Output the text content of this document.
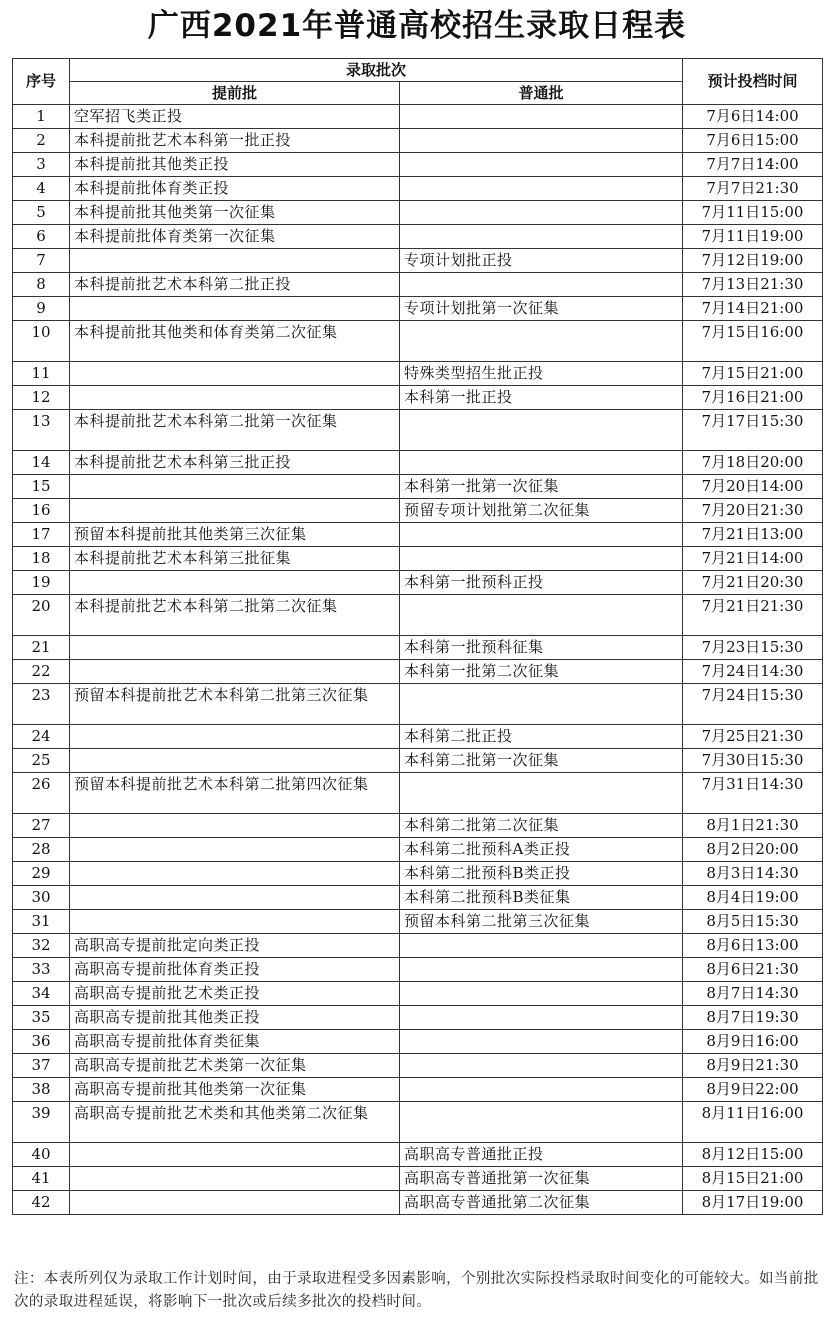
广西2021年普通高校招生录取日程表
序号	录取批次		预计投档时间
	提前批	普通批	
1	空军招飞类正投		7月6日14:00
2	本科提前批艺术本科第一批正投		7月6日15:00
3	本科提前批其他类正投		7月7日14:00
4	本科提前批体育类正投		7月7日21:30
5	本科提前批其他类第一次征集		7月11日15:00
6	本科提前批体育类第一次征集		7月11日19:00
7		专项计划批正投	7月12日19:00
8	本科提前批艺术本科第二批正投		7月13日21:30
9		专项计划批第一次征集	7月14日21:00
10	本科提前批其他类和体育类第二次征集		7月15日16:00
11		特殊类型招生批正投	7月15日21:00
12		本科第一批正投	7月16日21:00
13	本科提前批艺术本科第二批第一次征集		7月17日15:30
14	本科提前批艺术本科第三批正投		7月18日20:00
15		本科第一批第一次征集	7月20日14:00
16		预留专项计划批第二次征集	7月20日21:30
17	预留本科提前批其他类第三次征集		7月21日13:00
18	本科提前批艺术本科第三批征集		7月21日14:00
19		本科第一批预科正投	7月21日20:30
20	本科提前批艺术本科第二批第二次征集		7月21日21:30
21		本科第一批预科征集	7月23日15:30
22		本科第一批第二次征集	7月24日14:30
23	预留本科提前批艺术本科第二批第三次征集		7月24日15:30
24		本科第二批正投	7月25日21:30
25		本科第二批第一次征集	7月30日15:30
26	预留本科提前批艺术本科第二批第四次征集		7月31日14:30
27		本科第二批第二次征集	8月1日21:30
28		本科第二批预科A类正投	8月2日20:00
29		本科第二批预科B类正投	8月3日14:30
30		本科第二批预科B类征集	8月4日19:00
31		预留本科第二批第三次征集	8月5日15:30
32	高职高专提前批定向类正投		8月6日13:00
33	高职高专提前批体育类正投		8月6日21:30
34	高职高专提前批艺术类正投		8月7日14:30
35	高职高专提前批其他类正投		8月7日19:30
36	高职高专提前批体育类征集		8月9日16:00
37	高职高专提前批艺术类第一次征集		8月9日21:30
38	高职高专提前批其他类第一次征集		8月9日22:00
39	高职高专提前批艺术类和其他类第二次征集		8月11日16:00
40		高职高专普通批正投	8月12日15:00
41		高职高专普通批第一次征集	8月15日21:00
42		高职高专普通批第二次征集	8月17日19:00
注：本表所列仅为录取工作计划时间，由于录取进程受多因素影响，个别批次实际投档录取时间变化的可能较大。如当前批次的录取进程延误，将影响下一批次或后续多批次的投档时间。
